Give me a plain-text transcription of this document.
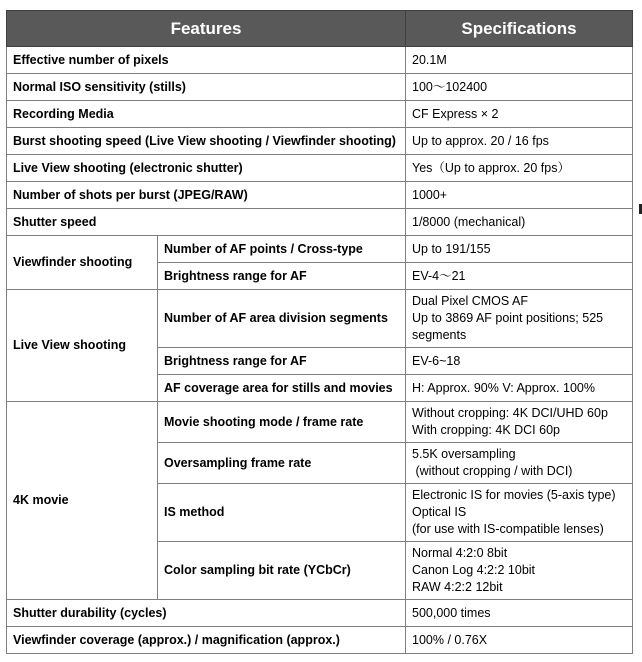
Features		Specifications
Effective number of pixels		20.1M
Normal ISO sensitivity (stills)		100～102400
Recording Media		CF Express × 2
Burst shooting speed (Live View shooting / Viewfinder shooting)		Up to approx. 20 / 16 fps
Live View shooting (electronic shutter)		Yes（Up to approx. 20 fps）
Number of shots per burst (JPEG/RAW)		1000+
Shutter speed		1/8000 (mechanical)
Viewfinder shooting	Number of AF points / Cross-type	Up to 191/155
	Brightness range for AF	EV-4～21
Live View shooting	Number of AF area division segments	Dual Pixel CMOS AF
Up to 3869 AF point positions; 525
segments

	Brightness range for AF	EV-6~18
	AF coverage area for stills and movies	H: Approx. 90% V: Approx. 100%
4K movie	Movie shooting mode / frame rate	Without cropping: 4K DCI/UHD 60p
With cropping: 4K DCI 60p

	Oversampling frame rate	5.5K oversampling
(without cropping / with DCI)

	IS method	Electronic IS for movies (5-axis type)
Optical IS
(for use with IS-compatible lenses)

	Color sampling bit rate (YCbCr)	Normal 4:2:0 8bit
Canon Log 4:2:2 10bit
RAW 4:2:2 12bit

Shutter durability (cycles)		500,000 times
Viewfinder coverage (approx.) / magnification (approx.)		100% / 0.76X
